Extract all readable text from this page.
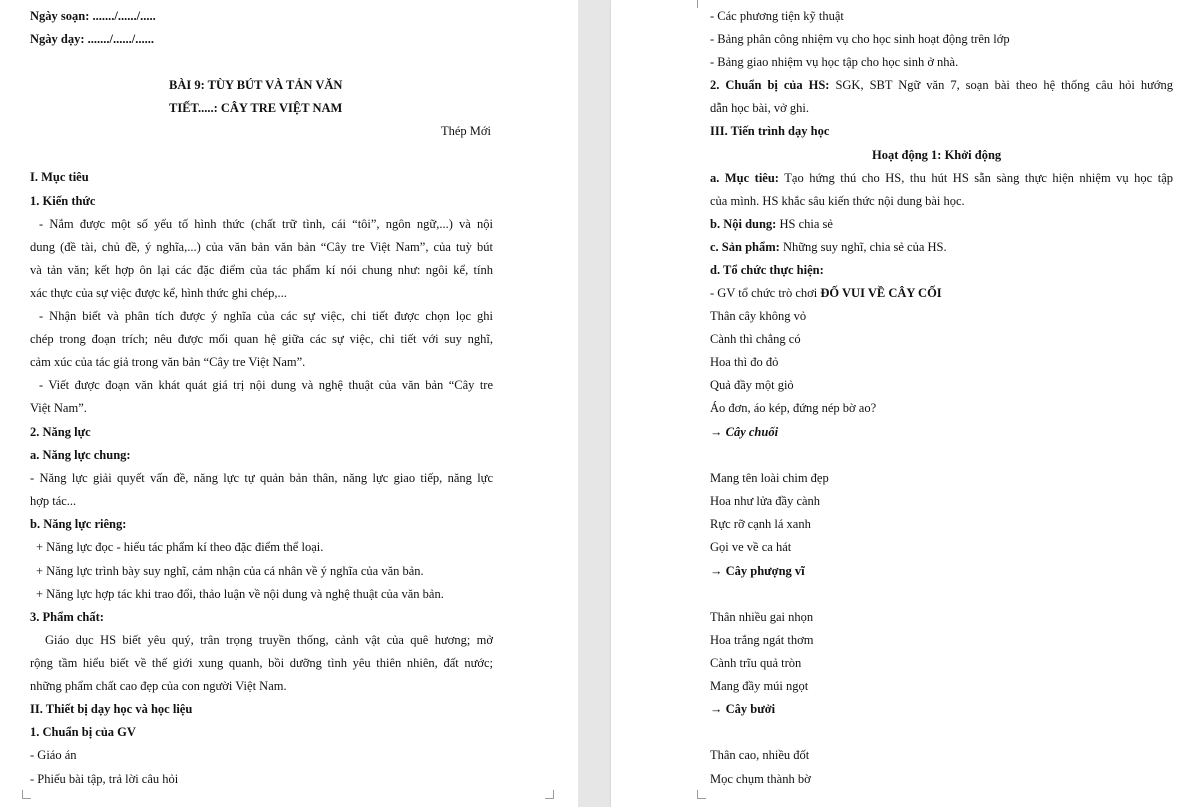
Ngày soạn: ......./....../.....
Ngày dạy: ......./....../......
BÀI 9: TÙY BÚT VÀ TẢN VĂN
TIẾT.....: CÂY TRE VIỆT NAM
Thép Mới
I. Mục tiêu
1. Kiến thức
- Nắm được một số yếu tố hình thức (chất trữ tình, cái “tôi”, ngôn ngữ,...) và nội
dung (đề tài, chủ đề, ý nghĩa,...) của văn bản văn bản “Cây tre Việt Nam”, của tuỳ bút
và tản văn; kết hợp ôn lại các đặc điểm của tác phẩm kí nói chung như: ngôi kể, tính
xác thực của sự việc được kể, hình thức ghi chép,...
- Nhận biết và phân tích được ý nghĩa của các sự việc, chi tiết được chọn lọc ghi
chép trong đoạn trích; nêu được mối quan hệ giữa các sự việc, chi tiết với suy nghĩ,
cảm xúc của tác giả trong văn bản “Cây tre Việt Nam”.
- Viết được đoạn văn khát quát giá trị nội dung và nghệ thuật của văn bản “Cây tre
Việt Nam”.
2. Năng lực
a. Năng lực chung:
- Năng lực giải quyết vấn đề, năng lực tự quản bản thân, năng lực giao tiếp, năng lực
hợp tác...
b. Năng lực riêng:
+ Năng lực đọc - hiểu tác phẩm kí theo đặc điểm thể loại.
+ Năng lực trình bày suy nghĩ, cảm nhận của cá nhân về ý nghĩa của văn bản.
+ Năng lực hợp tác khi trao đổi, thảo luận về nội dung và nghệ thuật của văn bản.
3. Phẩm chất:
Giáo dục HS biết yêu quý, trân trọng truyền thống, cảnh vật của quê hương; mở
rộng tầm hiểu biết về thế giới xung quanh, bồi dưỡng tình yêu thiên nhiên, đất nước;
những phẩm chất cao đẹp của con người Việt Nam.
II. Thiết bị dạy học và học liệu
1. Chuẩn bị của GV
- Giáo án
- Phiếu bài tập, trả lời câu hỏi
- Các phương tiện kỹ thuật
- Bảng phân công nhiệm vụ cho học sinh hoạt động trên lớp
- Bảng giao nhiệm vụ học tập cho học sinh ở nhà.
2. Chuẩn bị của HS: SGK, SBT Ngữ văn 7, soạn bài theo hệ thống câu hỏi hướng
dẫn học bài, vở ghi.
III. Tiến trình dạy học
Hoạt động 1: Khởi động
a. Mục tiêu: Tạo hứng thú cho HS, thu hút HS sẵn sàng thực hiện nhiệm vụ học tập
của mình. HS khắc sâu kiến thức nội dung bài học.
b. Nội dung: HS chia sẻ
c. Sản phẩm: Những suy nghĩ, chia sẻ của HS.
d. Tổ chức thực hiện:
- GV tổ chức trò chơi ĐỐ VUI VỀ CÂY CỐI
Thân cây không vỏ
Cành thì chẳng có
Hoa thì đo đỏ
Quả đầy một giỏ
Áo đơn, áo kép, đứng nép bờ ao?
→ Cây chuối
Mang tên loài chim đẹp
Hoa như lửa đầy cành
Rực rỡ cạnh lá xanh
Gọi ve về ca hát
→ Cây phượng vĩ
Thân nhiều gai nhọn
Hoa trắng ngát thơm
Cành trĩu quả tròn
Mang đầy múi ngọt
→ Cây bưởi
Thân cao, nhiều đốt
Mọc chụm thành bờ
